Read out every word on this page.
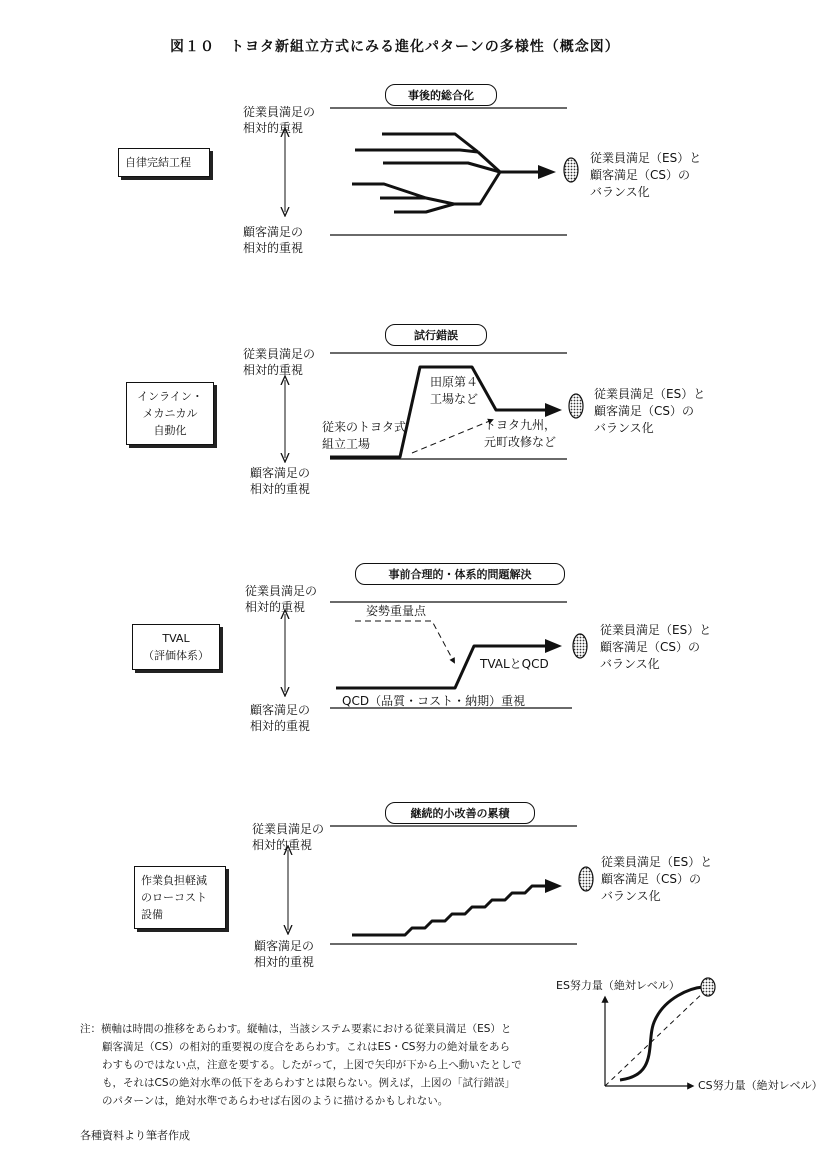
図１０　トヨタ新組立方式にみる進化パターンの多様性（概念図）
事後的総合化
従業員満足の
相対的重視
顧客満足の
相対的重視
自律完結工程	従業員満足（ES）と
顧客満足（CS）の
バランス化
試行錯誤
従業員満足の
相対的重視
顧客満足の
相対的重視
インライン・
メカニカル
自動化
田原第４
工場など
従来のトヨタ式
組立工場
トヨタ九州，
元町改修など
従業員満足（ES）と
顧客満足（CS）の
バランス化
事前合理的・体系的問題解決
従業員満足の
相対的重視
顧客満足の
相対的重視
TVAL
（評価体系）
姿勢重量点
TVALとQCD
QCD（品質・コスト・納期）重視
従業員満足（ES）と
顧客満足（CS）の
バランス化
継続的小改善の累積
従業員満足の
相対的重視
顧客満足の
相対的重視
作業負担軽減
のローコスト
設備
従業員満足（ES）と
顧客満足（CS）の
バランス化
ES努力量（絶対レベル）
CS努力量（絶対レベル）
注：横軸は時間の推移をあらわす。縦軸は，当該システム要素における従業員満足（ES）と
顧客満足（CS）の相対的重要視の度合をあらわす。これはES・CS努力の絶対量をあら
わすものではない点，注意を要する。したがって，上図で矢印が下から上へ動いたとしで
も，それはCSの絶対水準の低下をあらわすとは限らない。例えば，上図の「試行錯誤」
のパターンは，絶対水準であらわせば右図のように描けるかもしれない。
各種資料より筆者作成
